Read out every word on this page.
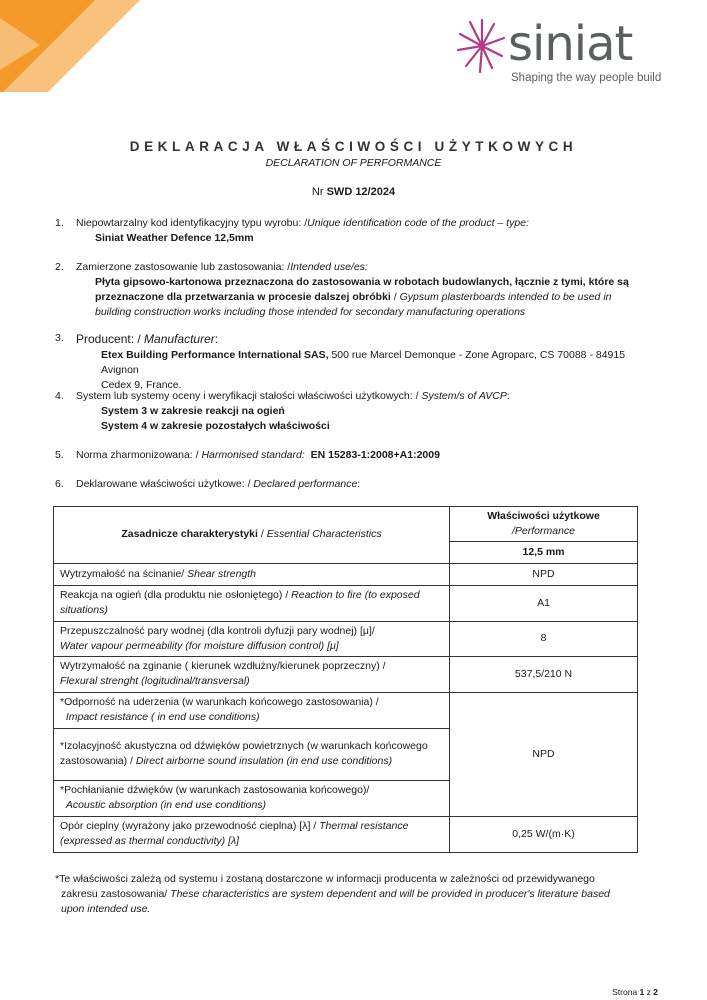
siniat
Shaping the way people build
DEKLARACJA WŁAŚCIWOŚCI UŻYTKOWYCH
DECLARATION OF PERFORMANCE
Nr SWD 12/2024
1.	Niepowtarzalny kod identyfikacyjny typu wyrobu: /Unique identification code of the product – type:
Siniat Weather Defence 12,5mm
2.	Zamierzone zastosowanie lub zastosowania: /Intended use/es:
Płyta gipsowo-kartonowa przeznaczona do zastosowania w robotach budowlanych, łącznie z tymi, które są
przeznaczone dla przetwarzania w procesie dalszej obróbki / Gypsum plasterboards intended to be used in
building construction works including those intended for secondary manufacturing operations
3.	Producent: / Manufacturer:
Etex Building Performance International SAS, 500 rue Marcel Demonque - Zone Agroparc, CS 70088 - 84915 Avignon
Cedex 9, France.
4.	System lub systemy oceny i weryfikacji stałości właściwości użytkowych: / System/s of AVCP:
System 3 w zakresie reakcji na ogień
System 4 w zakresie pozostałych właściwości
5.	Norma zharmonizowana: / Harmonised standard: EN 15283-1:2008+A1:2009
6.	Deklarowane właściwości użytkowe: / Declared performance:
Zasadnicze charakterystyki / Essential Characteristics	Właściwości użytkowe /Performance
	12,5 mm
Wytrzymałość na ścinanie/ Shear strength	NPD
Reakcja na ogień (dla produktu nie osłoniętego) / Reaction to fire (to exposed situations)	A1
Przepuszczalność pary wodnej (dla kontroli dyfuzji pary wodnej) [μ]/
Water vapour permeability (for moisture diffusion control) [μ]	8
Wytrzymałość na zginanie ( kierunek wzdłużny/kierunek poprzeczny) /
Flexural strenght (logitudinal/transversal)	537,5/210 N
*Odporność na uderzenia (w warunkach końcowego zastosowania) /
Impact resistance ( in end use conditions)	NPD
*Izolacyjność akustyczna od dźwięków powietrznych (w warunkach końcowego zastosowania) / Direct airborne sound insulation (in end use conditions)	
*Pochłanianie dźwięków (w warunkach zastosowania końcowego)/
Acoustic absorption (in end use conditions)	
Opór cieplny (wyrażony jako przewodność cieplna) [λ] / Thermal resistance (expressed as thermal conductivity) [λ]	0,25 W/(m·K)
*Te właściwości zależą od systemu i zostaną dostarczone w informacji producenta w zależności od przewidywanego
zakresu zastosowania/ These characteristics are system dependent and will be provided in producer's literature based
upon intended use.
Strona 1 z 2
